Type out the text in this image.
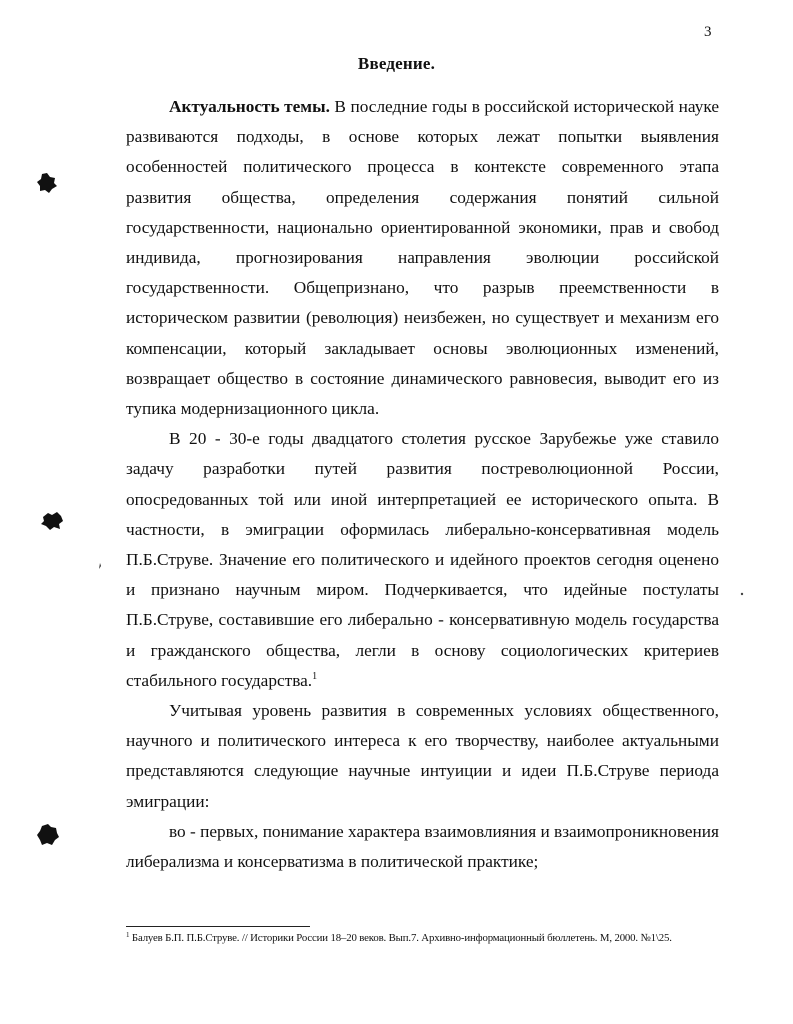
3
Введение.

Актуальность темы. В последние годы в российской исторической науке развиваются подходы, в основе которых лежат попытки выявления особенностей политического процесса в контексте современного этапа развития общества, определения содержания понятий сильной государственности, национально ориентированной экономики, прав и свобод индивида, прогнозирования направления эволюции российской государственности. Общепризнано, что разрыв преемственности в историческом развитии (революция) неизбежен, но существует и механизм его компенсации, который закладывает основы эволюционных изменений, возвращает общество в состояние динамического равновесия, выводит его из тупика модернизационного цикла.

В 20 - 30-е годы двадцатого столетия русское Зарубежье уже ставило задачу разработки путей развития постреволюционной России, опосредованных той или иной интерпретацией ее исторического опыта. В частности, в эмиграции оформилась либерально-консервативная модель П.Б.Струве. Значение его политического и идейного проектов сегодня оценено и признано научным миром. Подчеркивается, что идейные постулаты П.Б.Струве, составившие его либерально - консервативную модель государства и гражданского общества, легли в основу социологических критериев стабильного государства.$^1$

Учитывая уровень развития в современных условиях общественного, научного и политического интереса к его творчеству, наиболее актуальными представляются следующие научные интуиции и идеи П.Б.Струве периода эмиграции:

во - первых, понимание характера взаимовлияния и взаимопроникновения либерализма и консерватизма в политической практике;

$^1$ Балуев Б.П. П.Б.Струве. // Историки России 18–20 веков. Вып.7. Архивно-информационный бюллетень. М, 2000. №1\25.
